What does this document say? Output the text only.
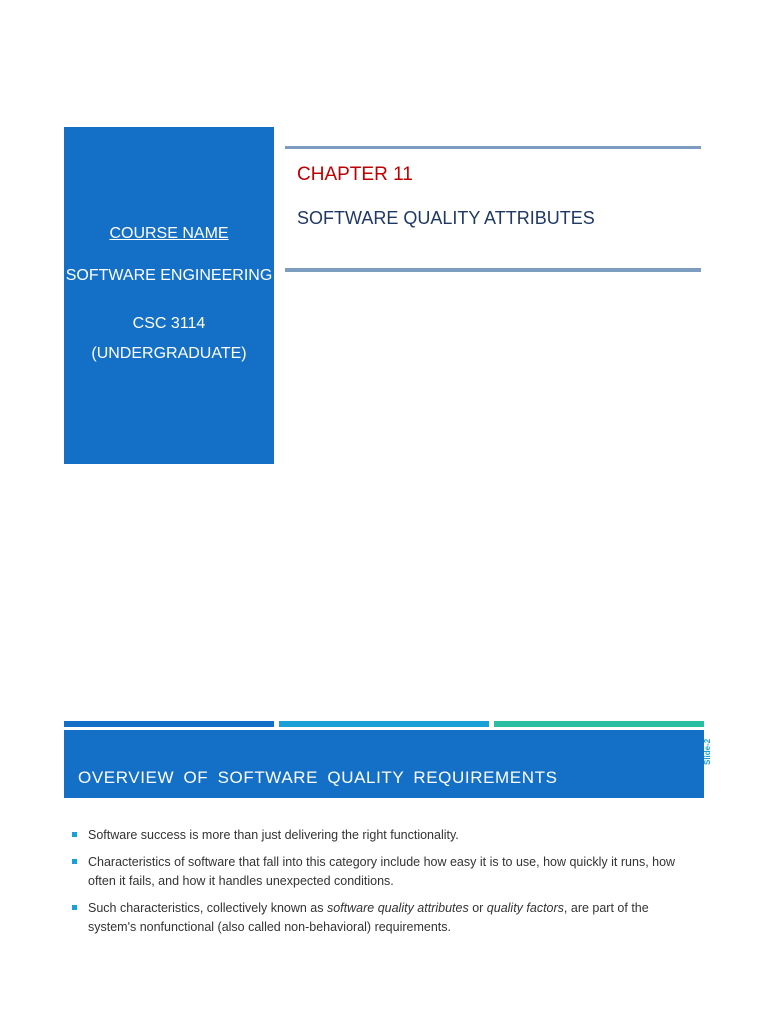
COURSE NAME
SOFTWARE ENGINEERING
CSC 3114
(UNDERGRADUATE)
CHAPTER 11
SOFTWARE QUALITY ATTRIBUTES
OVERVIEW OF SOFTWARE QUALITY REQUIREMENTS
Slide-2
Software success is more than just delivering the right functionality.
Characteristics of software that fall into this category include how easy it is to use, how quickly it runs, how often it fails, and how it handles unexpected conditions.
Such characteristics, collectively known as software quality attributes or quality factors, are part of the system's nonfunctional (also called non-behavioral) requirements.
